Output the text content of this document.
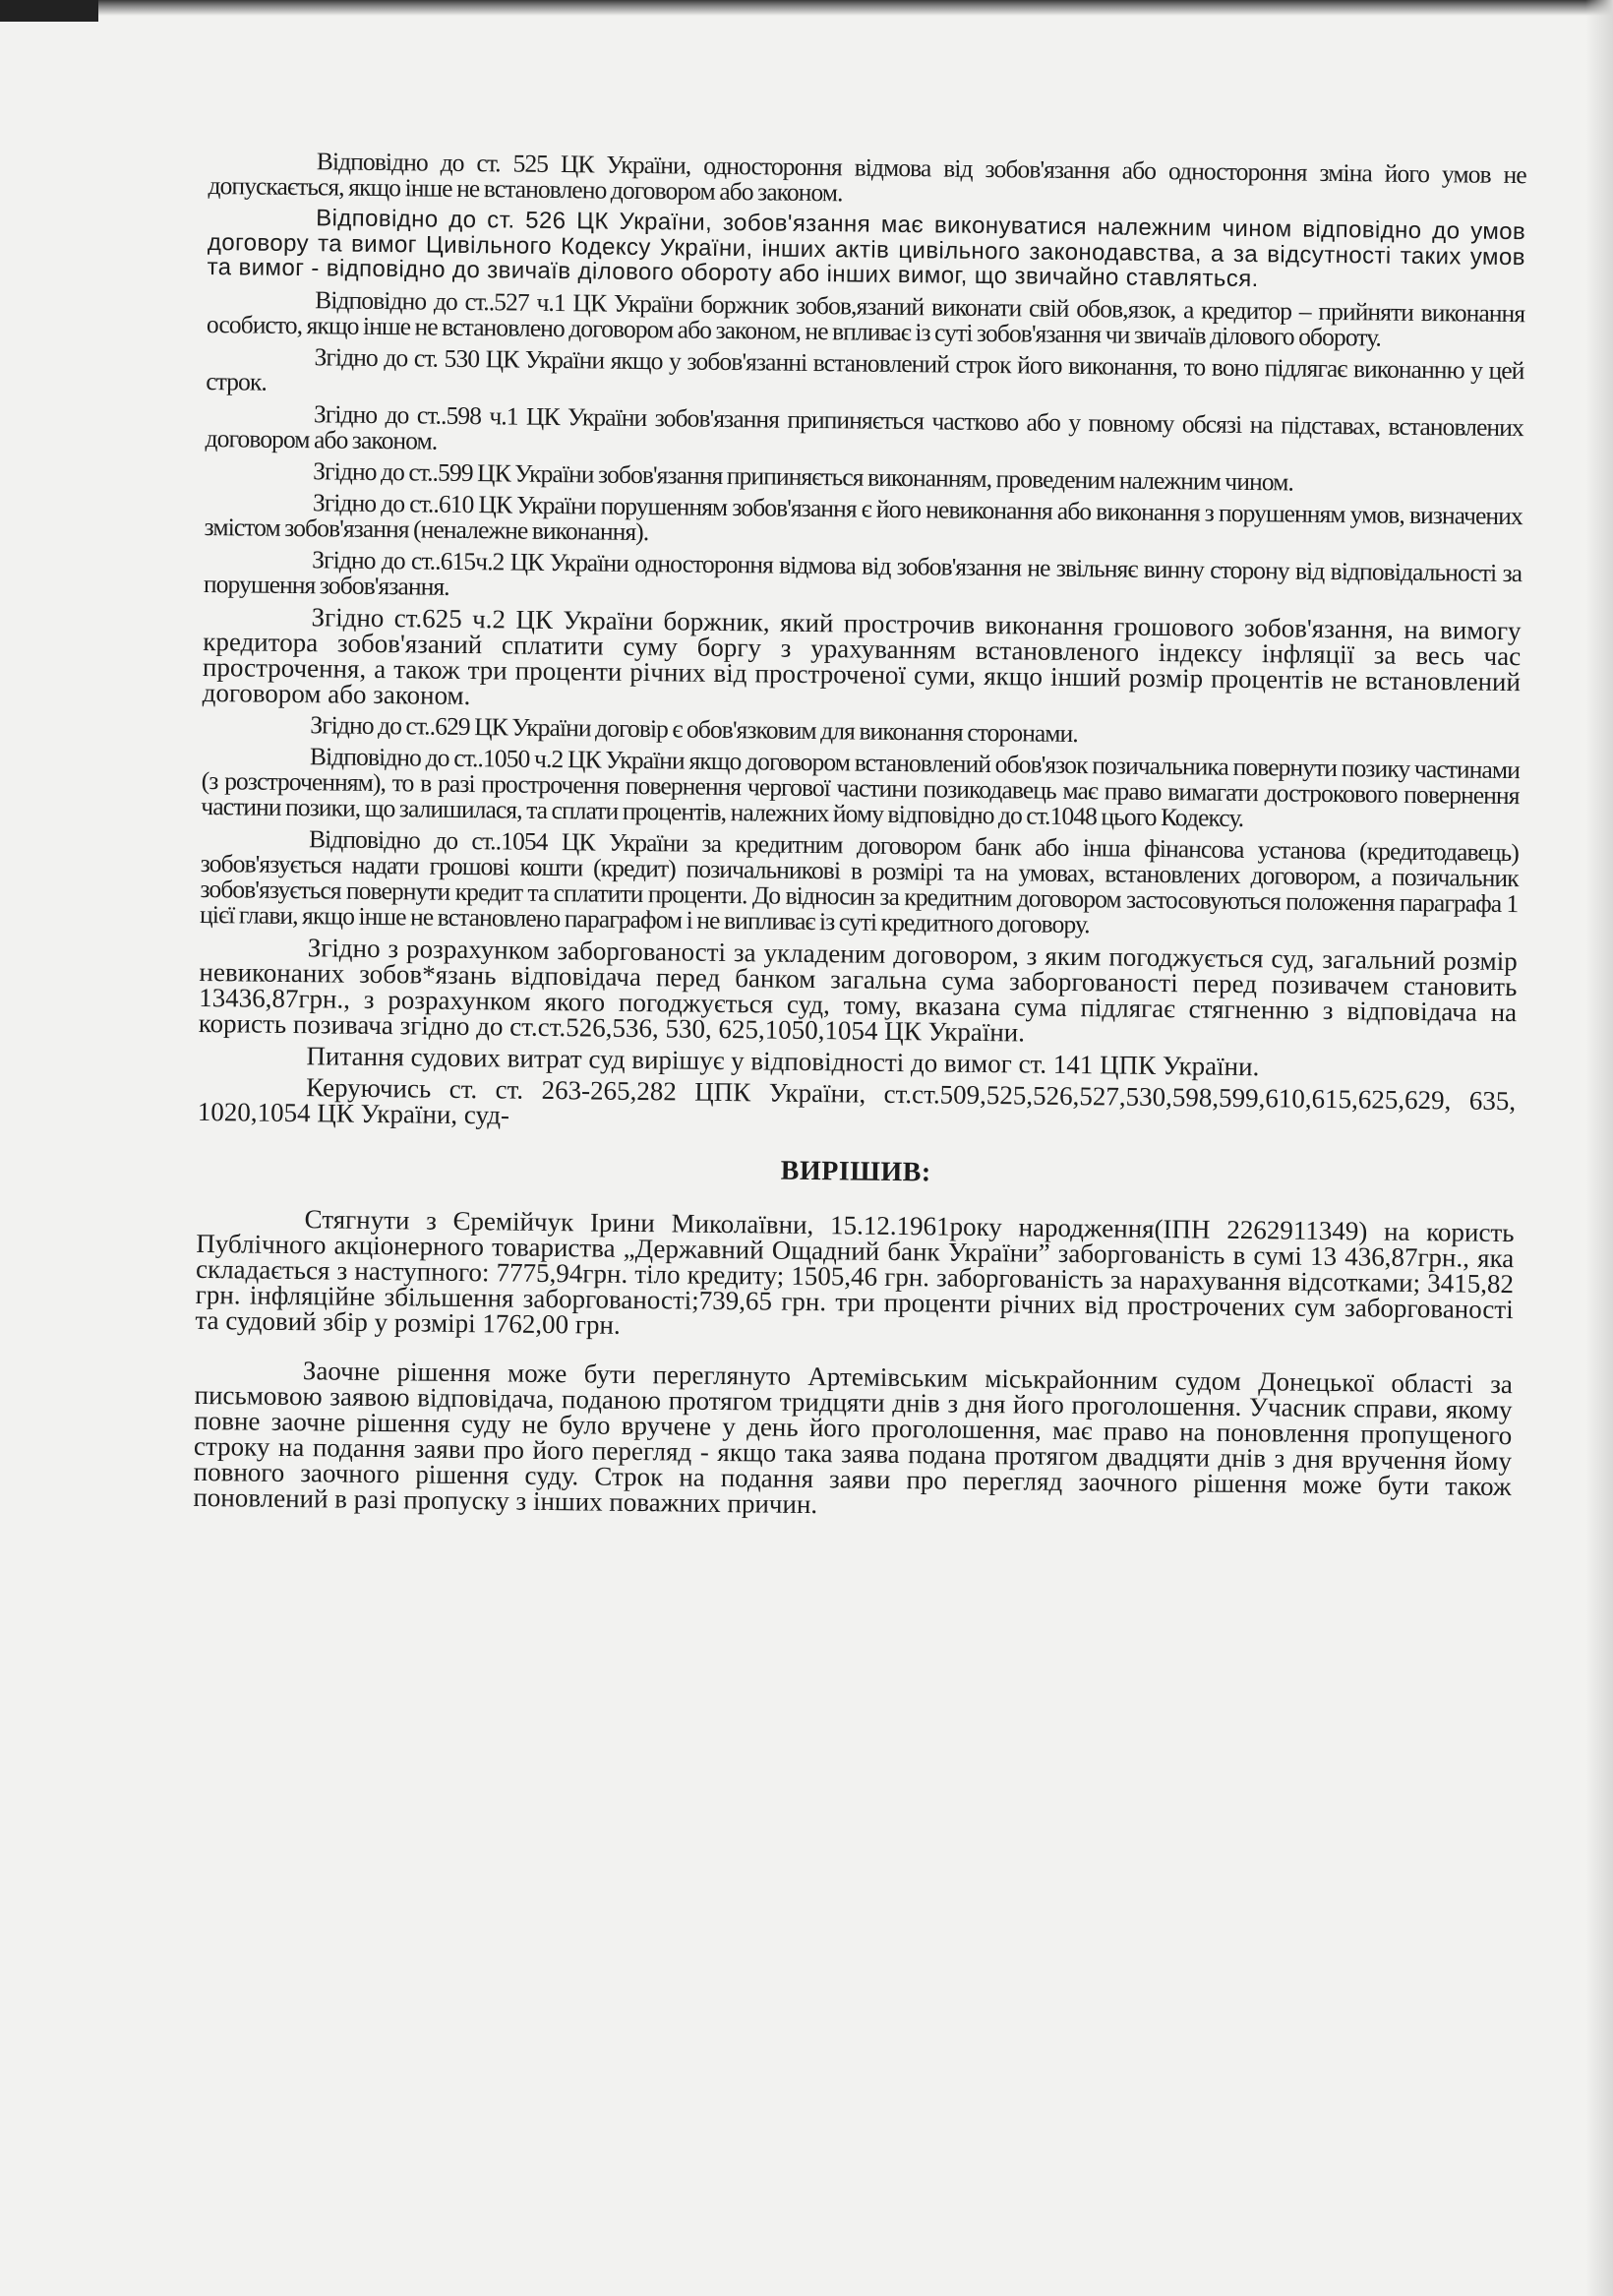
Відповідно до ст. 525 ЦК України, одностороння відмова від зобов'язання або одностороння зміна його умов не допускається, якщо інше не встановлено договором або законом.

Відповідно до ст. 526 ЦК України, зобов'язання має виконуватися належним чином відповідно до умов договору та вимог Цивільного Кодексу України, інших актів цивільного законодавства, а за відсутності таких умов та вимог - відповідно до звичаїв ділового обороту або інших вимог, що звичайно ставляться.

Відповідно до ст..527 ч.1 ЦК України боржник зобов,язаний виконати свій обов,язок, а кредитор – прийняти виконання особисто, якщо інше не встановлено договором або законом, не впливає із суті зобов'язання чи звичаїв ділового обороту.

Згідно до ст. 530 ЦК України якщо у зобов'язанні встановлений строк його виконання, то воно підлягає виконанню у цей строк.

Згідно до ст..598 ч.1 ЦК України зобов'язання припиняється частково або у повному обсязі на підставах, встановлених договором або законом.

Згідно до ст..599 ЦК України зобов'язання припиняється виконанням, проведеним належним чином.

Згідно до ст..610 ЦК України порушенням зобов'язання є його невиконання або виконання з порушенням умов, визначених змістом зобов'язання (неналежне виконання).

Згідно до ст..615ч.2 ЦК України одностороння відмова від зобов'язання не звільняє винну сторону від відповідальності за порушення зобов'язання.

Згідно ст.625 ч.2 ЦК України боржник, який прострочив виконання грошового зобов'язання, на вимогу кредитора зобов'язаний сплатити суму боргу з урахуванням встановленого індексу інфляції за весь час прострочення, а також три проценти річних від простроченої суми, якщо інший розмір процентів не встановлений договором або законом.

Згідно до ст..629 ЦК України договір є обов'язковим для виконання сторонами.

Відповідно до ст..1050 ч.2 ЦК України якщо договором встановлений обов'язок позичальника повернути позику частинами (з розстроченням), то в разі прострочення повернення чергової частини позикодавець має право вимагати дострокового повернення частини позики, що залишилася, та сплати процентів, належних йому відповідно до ст.1048 цього Кодексу.

Відповідно до ст..1054 ЦК України за кредитним договором банк або інша фінансова установа (кредитодавець) зобов'язується надати грошові кошти (кредит) позичальникові в розмірі та на умовах, встановлених договором, а позичальник зобов'язується повернути кредит та сплатити проценти. До відносин за кредитним договором застосовуються положення параграфа 1 цієї глави, якщо інше не встановлено параграфом і не випливає із суті кредитного договору.

Згідно з розрахунком заборгованості за укладеним договором, з яким погоджується суд, загальний розмір невиконаних зобов*язань відповідача перед банком загальна сума заборгованості перед позивачем становить 13436,87грн., з розрахунком якого погоджується суд, тому, вказана сума підлягає стягненню з відповідача на користь позивача згідно до ст.ст.526,536, 530, 625,1050,1054 ЦК України.

Питання судових витрат суд вирішує у відповідності до вимог ст. 141 ЦПК України.

Керуючись ст. ст. 263-265,282 ЦПК України, ст.ст.509,525,526,527,530,598,599,610,615,625,629, 635, 1020,1054 ЦК України, суд-

ВИРІШИВ:

Стягнути з Єремійчук Ірини Миколаївни, 15.12.1961року народження(ІПН 2262911349) на користь Публічного акціонерного товариства „Державний Ощадний банк України” заборгованість в сумі 13 436,87грн., яка складається з наступного: 7775,94грн. тіло кредиту; 1505,46 грн. заборгованість за нарахування відсотками; 3415,82 грн. інфляційне збільшення заборгованості;739,65 грн. три проценти річних від прострочених сум заборгованості та судовий збір у розмірі 1762,00 грн.

Заочне рішення може бути переглянуто Артемівським міськрайонним судом Донецької області за письмовою заявою відповідача, поданою протягом тридцяти днів з дня його проголошення. Учасник справи, якому повне заочне рішення суду не було вручене у день його проголошення, має право на поновлення пропущеного строку на подання заяви про його перегляд - якщо така заява подана протягом двадцяти днів з дня вручення йому повного заочного рішення суду. Строк на подання заяви про перегляд заочного рішення може бути також поновлений в разі пропуску з інших поважних причин.
